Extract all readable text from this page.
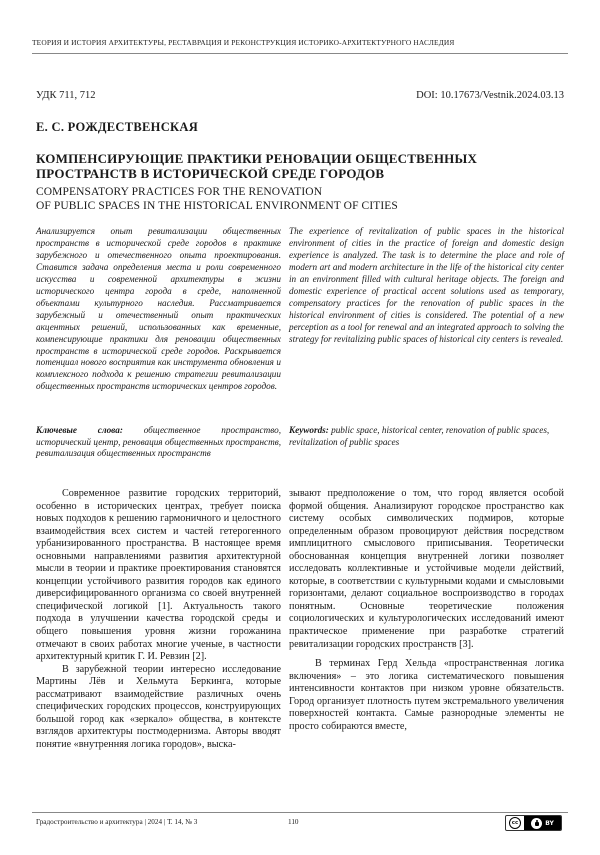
ТЕОРИЯ И ИСТОРИЯ АРХИТЕКТУРЫ, РЕСТАВРАЦИЯ И РЕКОНСТРУКЦИЯ ИСТОРИКО-АРХИТЕКТУРНОГО НАСЛЕДИЯ
УДК 711, 712	DOI: 10.17673/Vestnik.2024.03.13
Е. С. РОЖДЕСТВЕНСКАЯ
КОМПЕНСИРУЮЩИЕ ПРАКТИКИ РЕНОВАЦИИ ОБЩЕСТВЕННЫХ ПРОСТРАНСТВ В ИСТОРИЧЕСКОЙ СРЕДЕ ГОРОДОВ
COMPENSATORY PRACTICES FOR THE RENOVATION
OF PUBLIC SPACES IN THE HISTORICAL ENVIRONMENT OF CITIES
Анализируется опыт ревитализации общественных пространств в исторической среде городов в практике зарубежного и отечественного опыта проектирования. Ставится задача определения места и роли современного искусства и современной архитектуры в жизни исторического центра города в среде, наполненной объектами культурного наследия. Рассматривается зарубежный и отечественный опыт практических акцентных решений, использованных как временные, компенсирующие практики для реновации общественных пространств в исторической среде городов. Раскрывается потенциал нового восприятия как инструмента обновления и комплексного подхода к решению стратегии ревитализации общественных пространств исторических центров городов.
The experience of revitalization of public spaces in the historical environment of cities in the practice of foreign and domestic design experience is analyzed. The task is to determine the place and role of modern art and modern architecture in the life of the historical city center in an environment filled with cultural heritage objects. The foreign and domestic experience of practical accent solutions used as temporary, compensatory practices for the renovation of public spaces in the historical environment of cities is considered. The potential of a new perception as a tool for renewal and an integrated approach to solving the strategy for revitalizing public spaces of historical city centers is revealed.
Ключевые слова: общественное пространство, исторический центр, реновация общественных пространств, ревитализация общественных пространств
Keywords: public space, historical center, renovation of public spaces, revitalization of public spaces

Современное развитие городских территорий, особенно в исторических центрах, требует поиска новых подходов к решению гармоничного и целостного взаимодействия всех систем и частей гетерогенного урбанизированного пространства. В настоящее время основными направлениями развития архитектурной мысли в теории и практике проектирования становятся концепции устойчивого развития городов как единого диверсифицированного организма со своей внутренней специфической логикой [1]. Актуальность такого подхода в улучшении качества городской среды и общего повышения уровня жизни горожанина отмечают в своих работах многие ученые, в частности архитектурный критик Г. И. Ревзин [2].

В зарубежной теории интересно исследование Мартины Лёв и Хельмута Беркинга, которые рассматривают взаимодействие различных очень специфических городских процессов, конструирующих большой город как «зеркало» общества, в контексте взглядов архитектуры постмодернизма. Авторы вводят понятие «внутренняя логика городов», выска-

зывают предположение о том, что город является особой формой общения. Анализируют городское пространство как систему особых символических подмиров, которые определенным образом провоцируют действия посредством имплицитного смыслового приписывания. Теоретически обоснованная концепция внутренней логики позволяет исследовать коллективные и устойчивые модели действий, которые, в соответствии с культурными кодами и смысловыми горизонтами, делают социальное воспроизводство в городах понятным. Основные теоретические положения социологических и культурологических исследований имеют практическое применение при разработке стратегий ревитализации городских пространств [3].

В терминах Герд Хельда «пространственная логика включения» – это логика систематического повышения интенсивности контактов при низком уровне обязательств. Город организует плотность путем экстремального увеличения поверхностей контакта. Самые разнородные элементы не просто собираются вместе,

Градостроительство и архитектура | 2024 | Т. 14, № 3	110	cc	BY
